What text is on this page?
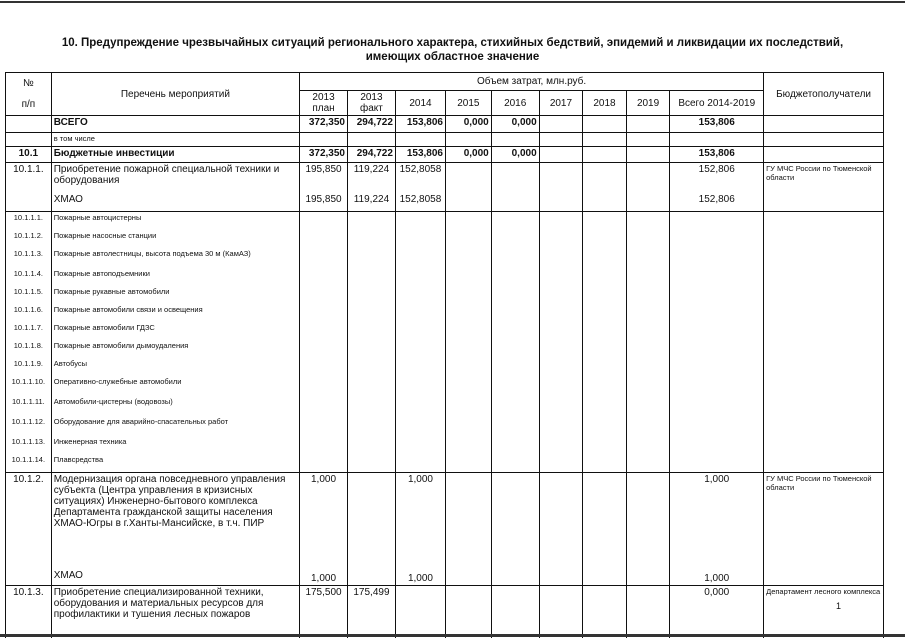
10. Предупреждение чрезвычайных ситуаций регионального характера, стихийных бедствий, эпидемий и ликвидации их последствий,
имеющих областное значение
№
п/п	Перечень мероприятий	Объем затрат, млн.руб.									Бюджетополучатели
		2013 план	2013 факт	2014	2015	2016	2017	2018	2019	Всего 2014-2019	
	ВСЕГО	372,350	294,722	153,806	0,000	0,000				153,806	
	в том числе										
10.1	Бюджетные инвестиции	372,350	294,722	153,806	0,000	0,000				153,806	
10.1.1.	Приобретение пожарной специальной техники и оборудования	195,850	119,224	152,8058						152,806	ГУ МЧС России по Тюменской области
	ХМАО	195,850	119,224	152,8058						152,806	
10.1.1.1.	Пожарные автоцистерны										
10.1.1.2.	Пожарные насосные станции										
10.1.1.3.	Пожарные автолестницы, высота подъема 30 м (КамАЗ)										
10.1.1.4.	Пожарные автоподъемники										
10.1.1.5.	Пожарные рукавные автомобили										
10.1.1.6.	Пожарные автомобили связи и освещения										
10.1.1.7.	Пожарные автомобили ГДЗС										
10.1.1.8.	Пожарные автомобили дымоудаления										
10.1.1.9.	Автобусы										
10.1.1.10.	Оперативно-служебные автомобили										
10.1.1.11.	Автомобили-цистерны (водовозы)										
10.1.1.12.	Оборудование для аварийно-спасательных работ										
10.1.1.13.	Инженерная техника										
10.1.1.14.	Плавсредства										
10.1.2.	Модернизация органа повседневного управления субъекта (Центра управления в кризисных ситуациях) Инженерно-бытового комплекса Департамента гражданской защиты населения ХМАО-Югры в г.Ханты-Мансийске, в т.ч. ПИР	1,000		1,000						1,000	ГУ МЧС России по Тюменской области
	ХМАО	1,000		1,000						1,000	
10.1.3.	Приобретение специализированной техники, оборудования и материальных ресурсов для профилактики и тушения лесных пожаров	175,500	175,499							0,000	Департамент лесного комплекса
1
